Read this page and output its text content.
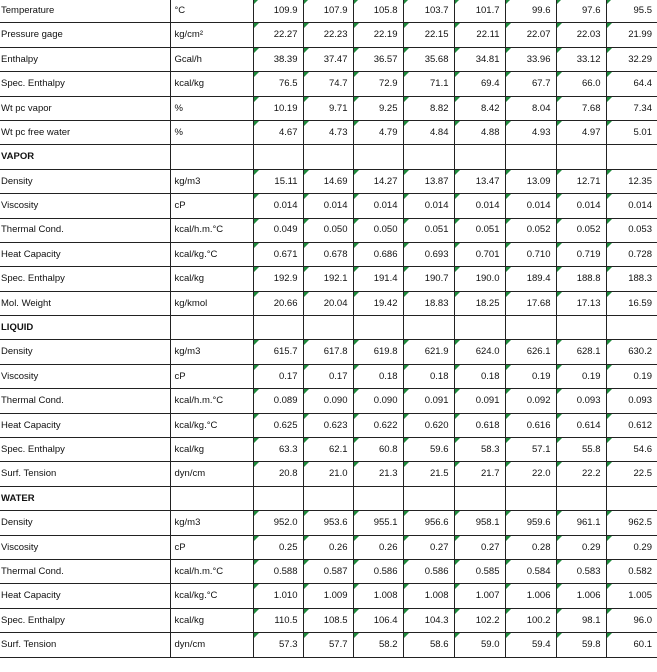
Temperature	°C	109.9	107.9	105.8	103.7	101.7	99.6	97.6	95.5
Pressure gage	kg/cm²	22.27	22.23	22.19	22.15	22.11	22.07	22.03	21.99
Enthalpy	Gcal/h	38.39	37.47	36.57	35.68	34.81	33.96	33.12	32.29
Spec. Enthalpy	kcal/kg	76.5	74.7	72.9	71.1	69.4	67.7	66.0	64.4
Wt pc vapor	%	10.19	9.71	9.25	8.82	8.42	8.04	7.68	7.34
Wt pc free water	%	4.67	4.73	4.79	4.84	4.88	4.93	4.97	5.01
VAPOR									
Density	kg/m3	15.11	14.69	14.27	13.87	13.47	13.09	12.71	12.35
Viscosity	cP	0.014	0.014	0.014	0.014	0.014	0.014	0.014	0.014
Thermal Cond.	kcal/h.m.°C	0.049	0.050	0.050	0.051	0.051	0.052	0.052	0.053
Heat Capacity	kcal/kg.°C	0.671	0.678	0.686	0.693	0.701	0.710	0.719	0.728
Spec. Enthalpy	kcal/kg	192.9	192.1	191.4	190.7	190.0	189.4	188.8	188.3
Mol. Weight	kg/kmol	20.66	20.04	19.42	18.83	18.25	17.68	17.13	16.59
LIQUID									
Density	kg/m3	615.7	617.8	619.8	621.9	624.0	626.1	628.1	630.2
Viscosity	cP	0.17	0.17	0.18	0.18	0.18	0.19	0.19	0.19
Thermal Cond.	kcal/h.m.°C	0.089	0.090	0.090	0.091	0.091	0.092	0.093	0.093
Heat Capacity	kcal/kg.°C	0.625	0.623	0.622	0.620	0.618	0.616	0.614	0.612
Spec. Enthalpy	kcal/kg	63.3	62.1	60.8	59.6	58.3	57.1	55.8	54.6
Surf. Tension	dyn/cm	20.8	21.0	21.3	21.5	21.7	22.0	22.2	22.5
WATER									
Density	kg/m3	952.0	953.6	955.1	956.6	958.1	959.6	961.1	962.5
Viscosity	cP	0.25	0.26	0.26	0.27	0.27	0.28	0.29	0.29
Thermal Cond.	kcal/h.m.°C	0.588	0.587	0.586	0.586	0.585	0.584	0.583	0.582
Heat Capacity	kcal/kg.°C	1.010	1.009	1.008	1.008	1.007	1.006	1.006	1.005
Spec. Enthalpy	kcal/kg	110.5	108.5	106.4	104.3	102.2	100.2	98.1	96.0
Surf. Tension	dyn/cm	57.3	57.7	58.2	58.6	59.0	59.4	59.8	60.1
